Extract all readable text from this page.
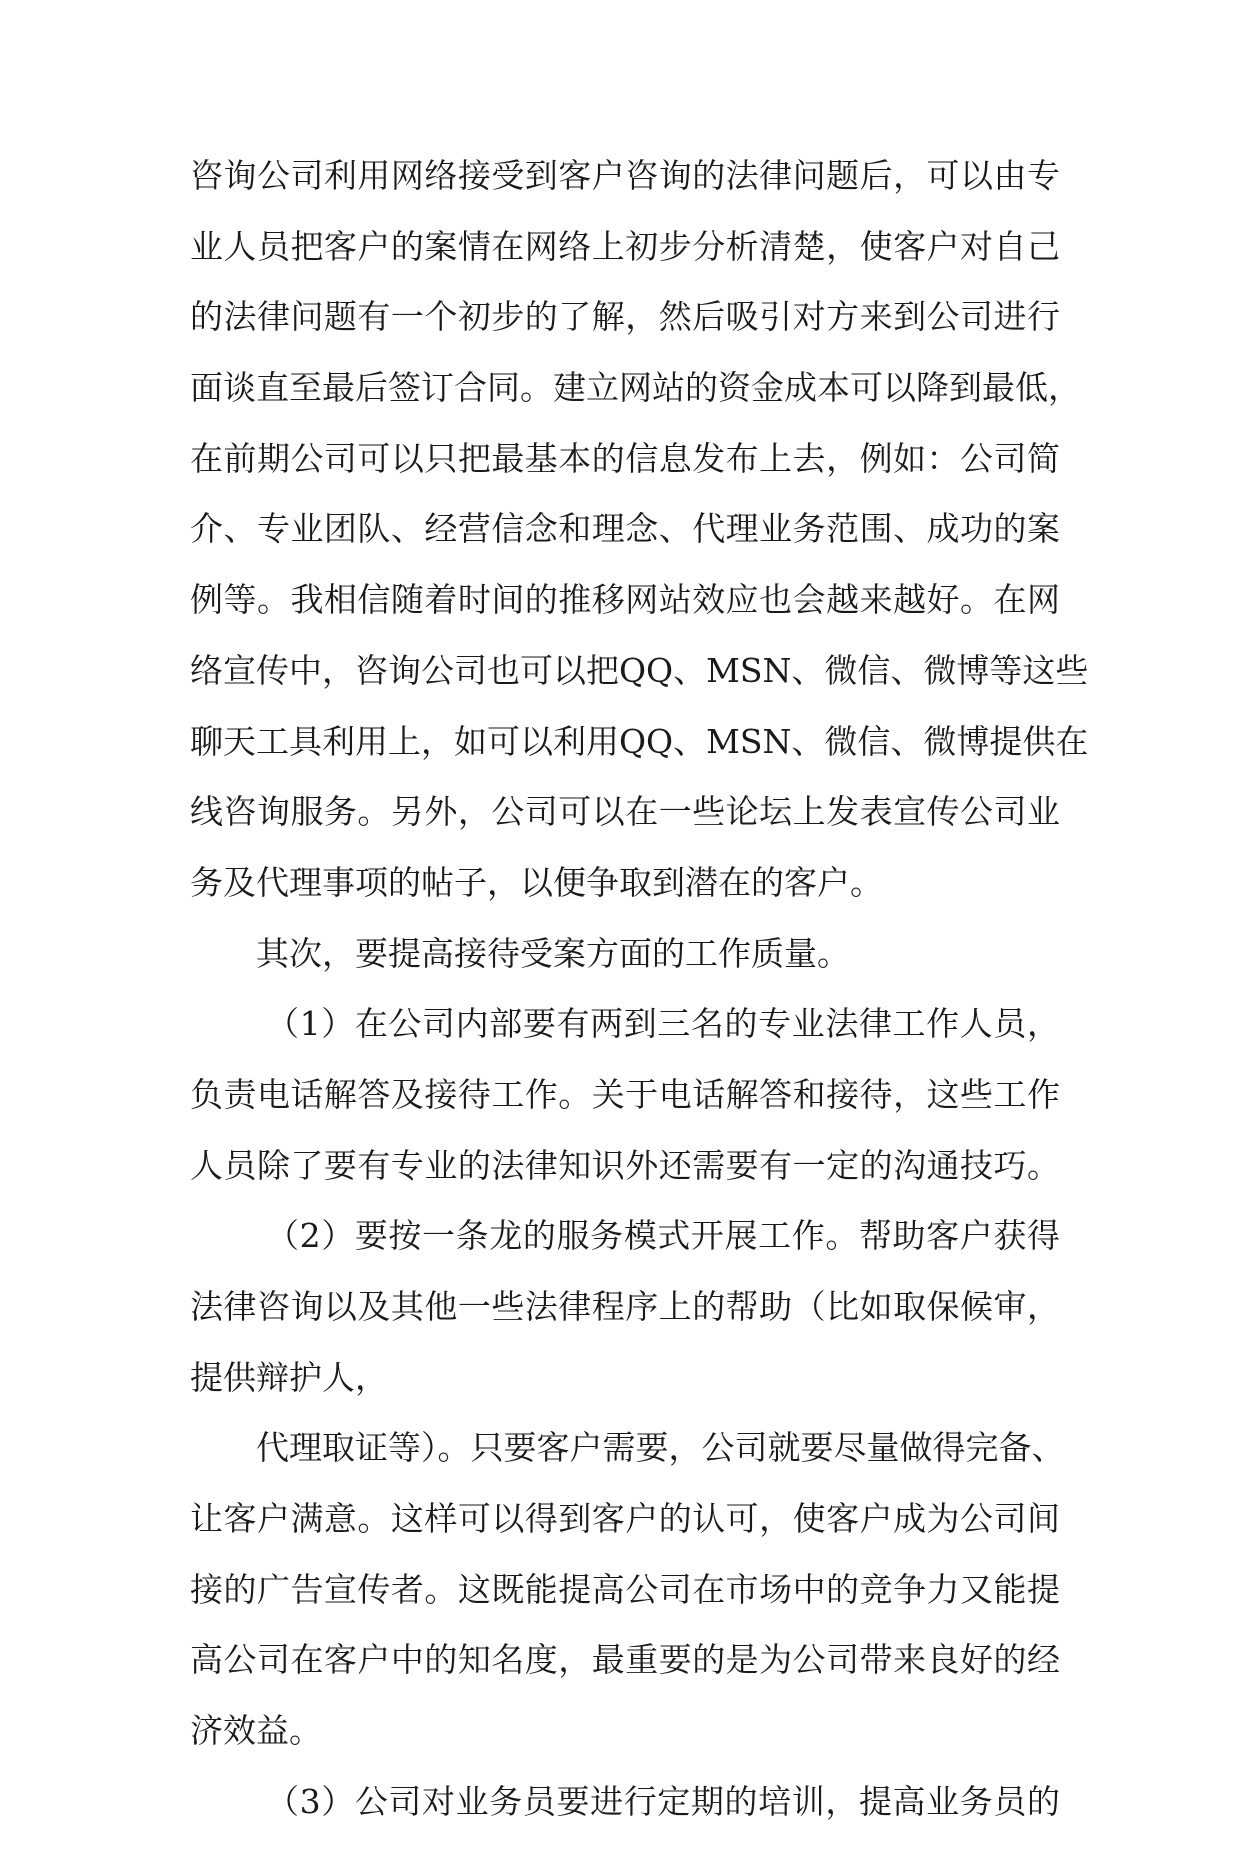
咨询公司利用网络接受到客户咨询的法律问题后，可以由专
业人员把客户的案情在网络上初步分析清楚，使客户对自己
的法律问题有一个初步的了解，然后吸引对方来到公司进行
面谈直至最后签订合同。建立网站的资金成本可以降到最低，
在前期公司可以只把最基本的信息发布上去，例如：公司简
介、专业团队、经营信念和理念、代理业务范围、成功的案
例等。我相信随着时间的推移网站效应也会越来越好。在网
络宣传中，咨询公司也可以把QQ、MSN、微信、微博等这些
聊天工具利用上，如可以利用QQ、MSN、微信、微博提供在
线咨询服务。另外，公司可以在一些论坛上发表宣传公司业
务及代理事项的帖子，以便争取到潜在的客户。
其次，要提高接待受案方面的工作质量。
（1）在公司内部要有两到三名的专业法律工作人员，
负责电话解答及接待工作。关于电话解答和接待，这些工作
人员除了要有专业的法律知识外还需要有一定的沟通技巧。
（2）要按一条龙的服务模式开展工作。帮助客户获得
法律咨询以及其他一些法律程序上的帮助（比如取保候审，
提供辩护人，
代理取证等）。只要客户需要，公司就要尽量做得完备、
让客户满意。这样可以得到客户的认可，使客户成为公司间
接的广告宣传者。这既能提高公司在市场中的竞争力又能提
高公司在客户中的知名度，最重要的是为公司带来良好的经
济效益。
（3）公司对业务员要进行定期的培训，提高业务员的
